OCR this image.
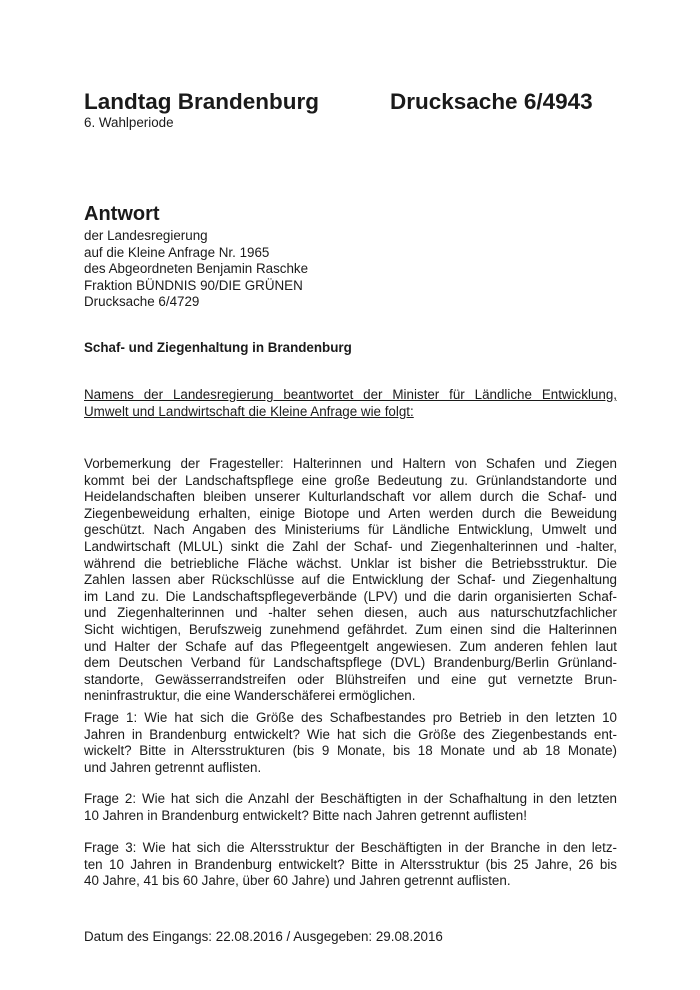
Landtag Brandenburg	Drucksache 6/4943
6. Wahlperiode
Antwort
der Landesregierung
auf die Kleine Anfrage Nr. 1965
des Abgeordneten Benjamin Raschke
Fraktion BÜNDNIS 90/DIE GRÜNEN
Drucksache 6/4729
Schaf- und Ziegenhaltung in Brandenburg
Namens der Landesregierung beantwortet der Minister für Ländliche Entwicklung,
Umwelt und Landwirtschaft die Kleine Anfrage wie folgt:
Vorbemerkung der Fragesteller: Halterinnen und Haltern von Schafen und Ziegen
kommt bei der Landschaftspflege eine große Bedeutung zu. Grünlandstandorte und
Heidelandschaften bleiben unserer Kulturlandschaft vor allem durch die Schaf- und
Ziegenbeweidung erhalten, einige Biotope und Arten werden durch die Beweidung
geschützt. Nach Angaben des Ministeriums für Ländliche Entwicklung, Umwelt und
Landwirtschaft (MLUL) sinkt die Zahl der Schaf- und Ziegenhalterinnen und -halter,
während die betriebliche Fläche wächst. Unklar ist bisher die Betriebsstruktur. Die
Zahlen lassen aber Rückschlüsse auf die Entwicklung der Schaf- und Ziegenhaltung
im Land zu. Die Landschaftspflegeverbände (LPV) und die darin organisierten Schaf-
und Ziegenhalterinnen und -halter sehen diesen, auch aus naturschutzfachlicher
Sicht wichtigen, Berufszweig zunehmend gefährdet. Zum einen sind die Halterinnen
und Halter der Schafe auf das Pflegeentgelt angewiesen. Zum anderen fehlen laut
dem Deutschen Verband für Landschaftspflege (DVL) Brandenburg/Berlin Grünland-
standorte, Gewässerrandstreifen oder Blühstreifen und eine gut vernetzte Brun-
neninfrastruktur, die eine Wanderschäferei ermöglichen.
Frage 1: Wie hat sich die Größe des Schafbestandes pro Betrieb in den letzten 10
Jahren in Brandenburg entwickelt? Wie hat sich die Größe des Ziegenbestands ent-
wickelt? Bitte in Altersstrukturen (bis 9 Monate, bis 18 Monate und ab 18 Monate)
und Jahren getrennt auflisten.
Frage 2: Wie hat sich die Anzahl der Beschäftigten in der Schafhaltung in den letzten
10 Jahren in Brandenburg entwickelt? Bitte nach Jahren getrennt auflisten!
Frage 3: Wie hat sich die Altersstruktur der Beschäftigten in der Branche in den letz-
ten 10 Jahren in Brandenburg entwickelt? Bitte in Altersstruktur (bis 25 Jahre, 26 bis
40 Jahre, 41 bis 60 Jahre, über 60 Jahre) und Jahren getrennt auflisten.
Datum des Eingangs: 22.08.2016 / Ausgegeben: 29.08.2016
